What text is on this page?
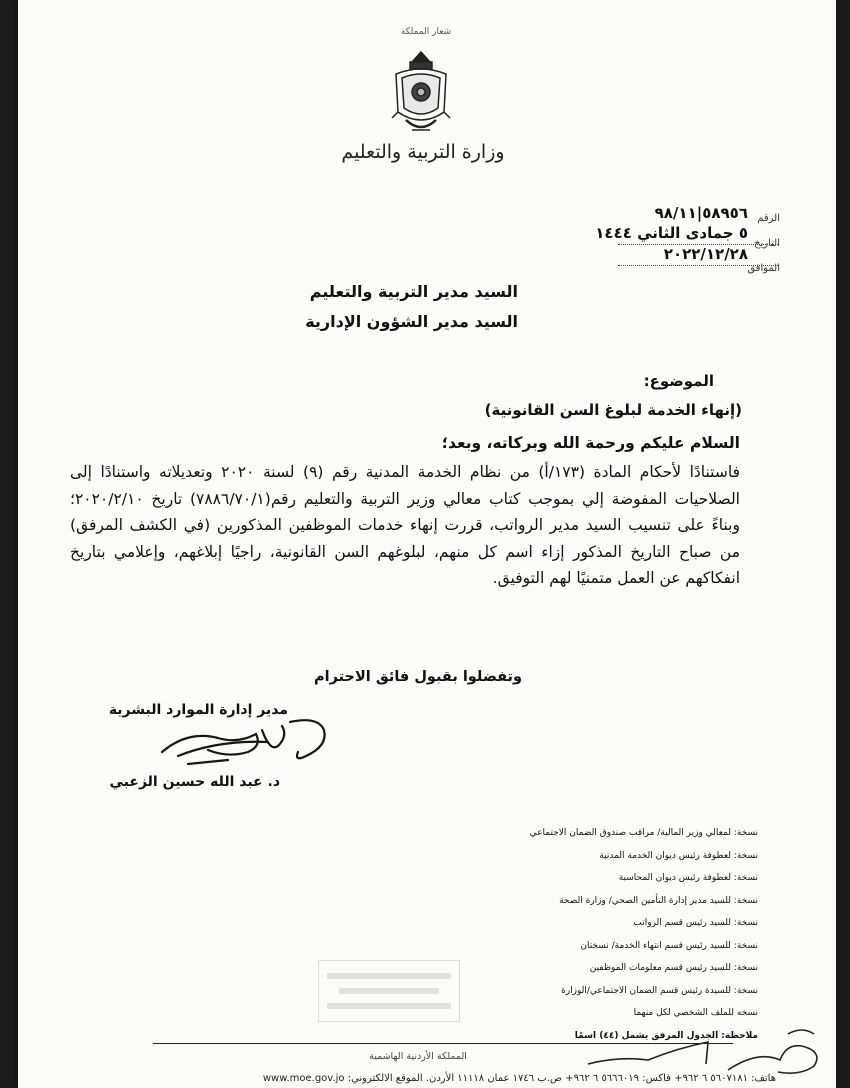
شعار المملكة
وزارة التربية والتعليم
الرقم
٥٨٩٥٦|٩٨/١١
التاريخ
٥ جمادى الثاني ١٤٤٤
الموافق
٢٠٢٢/١٢/٢٨
السيد مدير التربية والتعليم
السيد مدير الشؤون الإدارية
الموضوع:
(إنهاء الخدمة لبلوغ السن القانونية)
السلام عليكم ورحمة الله وبركاته، وبعد؛
فاستنادًا لأحكام المادة (١٧٣/أ) من نظام الخدمة المدنية رقم (٩) لسنة ٢٠٢٠ وتعديلاته واستنادًا إلى الصلاحيات المفوضة إلي بموجب كتاب معالي وزير التربية والتعليم رقم(٧٨٨٦/٧٠/١) تاريخ ٢٠٢٠/٢/١٠؛ وبناءً على تنسيب السيد مدير الرواتب، قررت إنهاء خدمات الموظفين المذكورين (في الكشف المرفق) من صباح التاريخ المذكور إزاء اسم كل منهم، لبلوغهم السن القانونية، راجيًا إبلاغهم، وإعلامي بتاريخ انفكاكهم عن العمل متمنيًا لهم التوفيق.
وتفضلوا بقبول فائق الاحترام
مدير إدارة الموارد البشرية
د. عبد الله حسين الزعبي
نسخة: لمعالي وزير المالية/ مراقب صندوق الضمان الاجتماعي
نسخة: لعطوفة رئيس ديوان الخدمة المدنية
نسخة: لعطوفة رئيس ديوان المحاسبة
نسخة: للسيد مدير إدارة التأمين الصحي/ وزارة الصحة
نسخة: للسيد رئيس قسم الرواتب
نسخة: للسيد رئيس قسم انتهاء الخدمة/ نسختان
نسخة: للسيد رئيس قسم معلومات الموظفين
نسخة: للسيدة رئيس قسم الضمان الاجتماعي/الوزارة
نسخه للملف الشخصي لكل منهما
ملاحظة: الجدول المرفق يشمل (٤٤) اسمًا
المملكة الأردنية الهاشمية
هاتف: ٥٦٠٧١٨١ ٦ ٩٦٢+ فاكس: ٥٦٦٦٠١٩ ٦ ٩٦٢+ ص.ب ١٧٤٦ عمان ١١١١٨ الأردن. الموقع الالكتروني: www.moe.gov.jo
